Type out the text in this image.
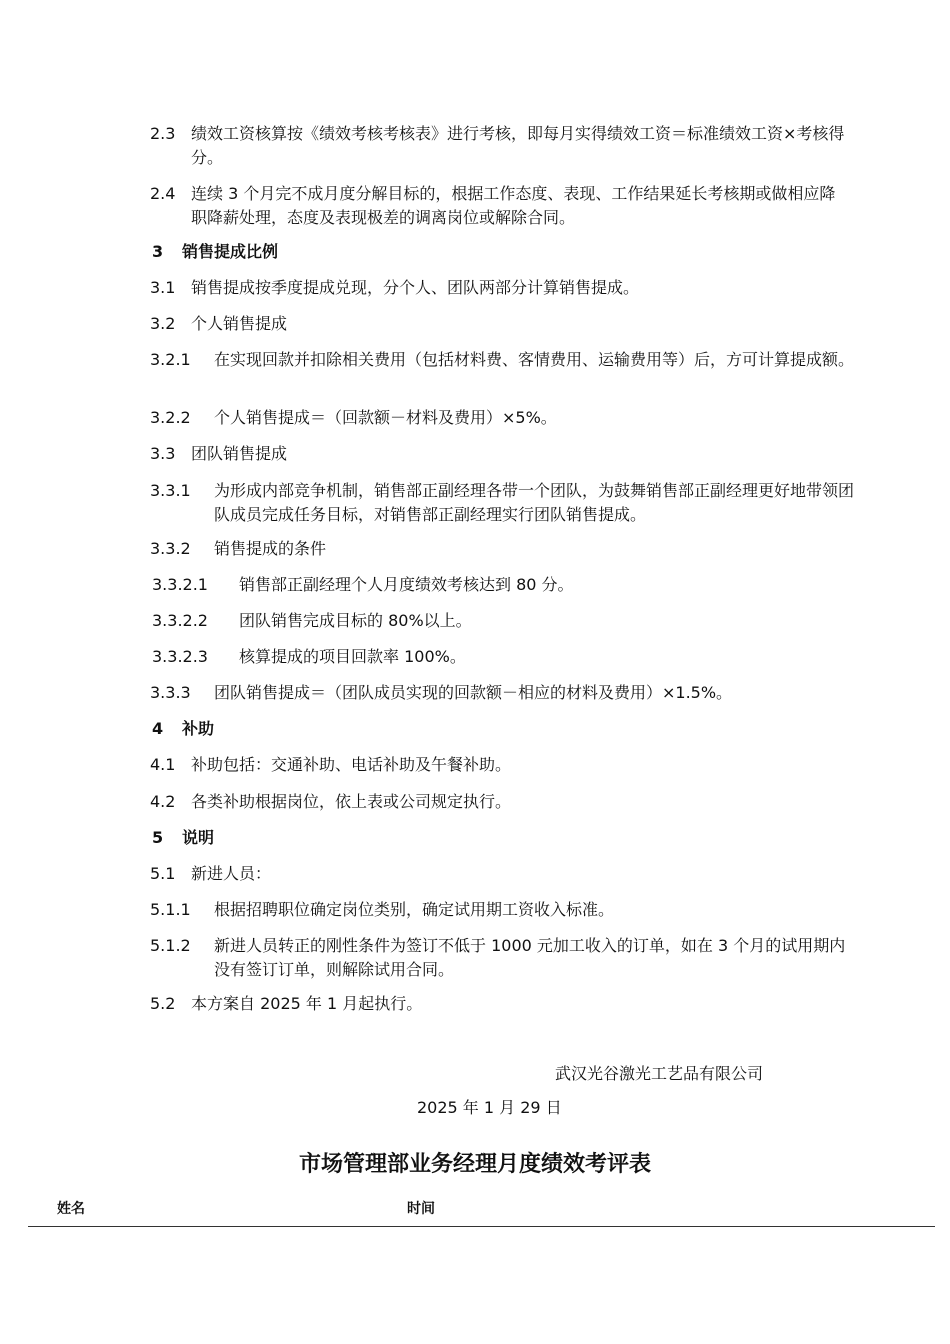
2.3 绩效工资核算按《绩效考核考核表》进行考核，即每月实得绩效工资＝标准绩效工资×考核得分。
2.4 连续 3 个月完不成月度分解目标的，根据工作态度、表现、工作结果延长考核期或做相应降职降薪处理，态度及表现极差的调离岗位或解除合同。
3	销售提成比例
3.1 销售提成按季度提成兑现，分个人、团队两部分计算销售提成。
3.2 个人销售提成
3.2.1	在实现回款并扣除相关费用（包括材料费、客情费用、运输费用等）后，方可计算提成额。
3.2.2	个人销售提成＝（回款额－材料及费用）×5%。
3.3 团队销售提成
3.3.1	为形成内部竞争机制，销售部正副经理各带一个团队，为鼓舞销售部正副经理更好地带领团队成员完成任务目标，对销售部正副经理实行团队销售提成。
3.3.2	销售提成的条件
3.3.2.1	销售部正副经理个人月度绩效考核达到 80 分。
3.3.2.2	团队销售完成目标的 80%以上。
3.3.2.3	核算提成的项目回款率 100%。
3.3.3	团队销售提成＝（团队成员实现的回款额－相应的材料及费用）×1.5%。
4	补助
4.1 补助包括：交通补助、电话补助及午餐补助。
4.2 各类补助根据岗位，依上表或公司规定执行。
5	说明
5.1 新进人员：
5.1.1	根据招聘职位确定岗位类别，确定试用期工资收入标准。
5.1.2	新进人员转正的刚性条件为签订不低于 1000 元加工收入的订单，如在 3 个月的试用期内没有签订订单，则解除试用合同。
5.2 本方案自 2025 年 1 月起执行。
武汉光谷激光工艺品有限公司
2025 年 1 月 29 日
市场管理部业务经理月度绩效考评表
姓名	时间
